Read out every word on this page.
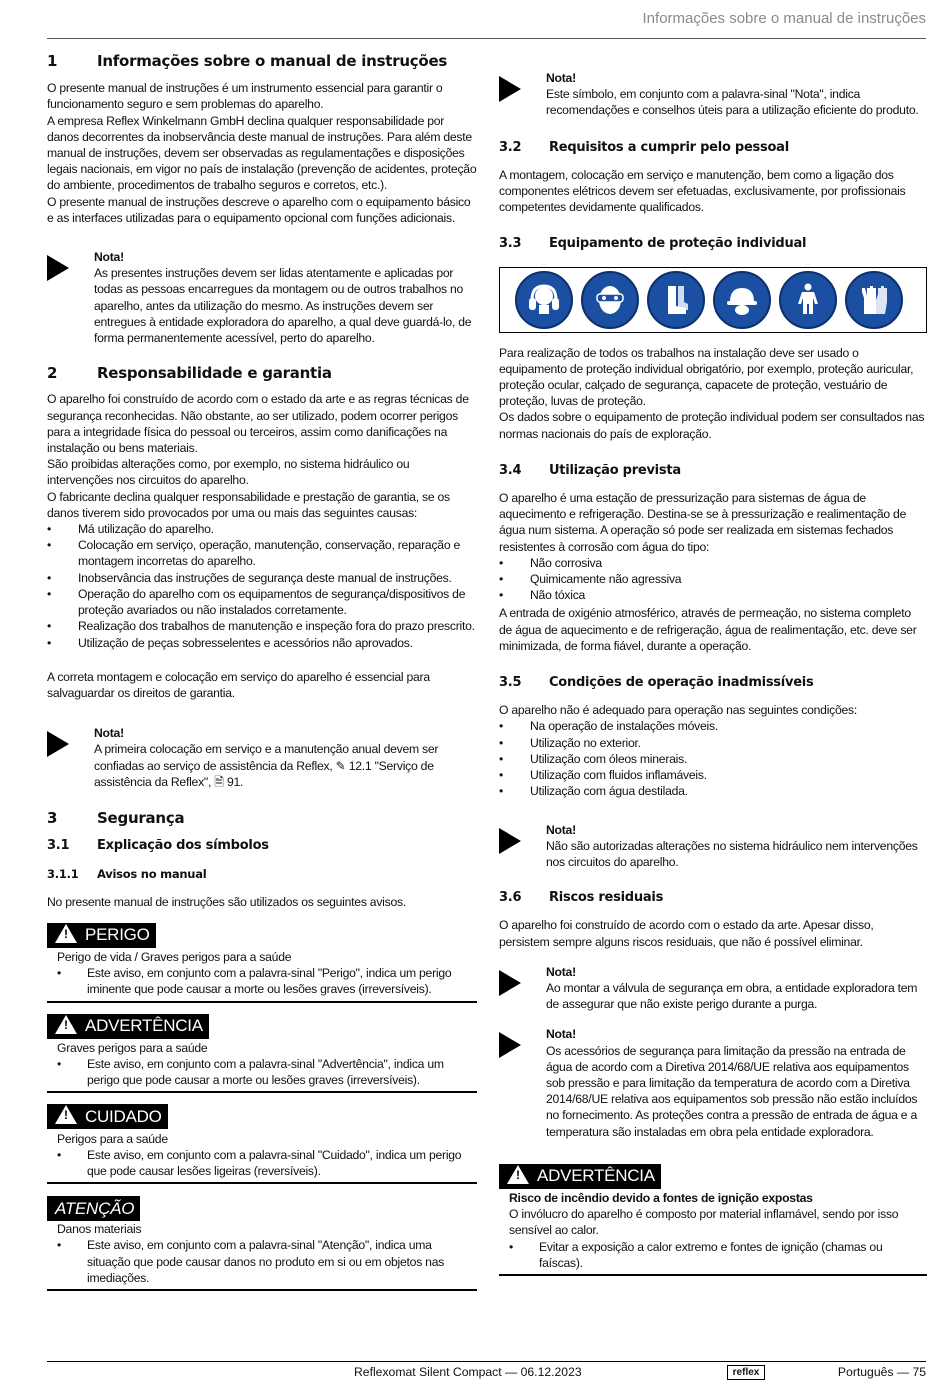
Informações sobre o manual de instruções
1	Informações sobre o manual de instruções

O presente manual de instruções é um instrumento essencial para garantir o funcionamento seguro e sem problemas do aparelho.

A empresa Reflex Winkelmann GmbH declina qualquer responsabilidade por danos decorrentes da inobservância deste manual de instruções. Para além deste manual de instruções, devem ser observadas as regulamentações e disposições legais nacionais, em vigor no país de instalação (prevenção de acidentes, proteção do ambiente, procedimentos de trabalho seguros e corretos, etc.).

O presente manual de instruções descreve o aparelho com o equipamento básico e as interfaces utilizadas para o equipamento opcional com funções adicionais.

Nota!
As presentes instruções devem ser lidas atentamente e aplicadas por todas as pessoas encarregues da montagem ou de outros trabalhos no aparelho, antes da utilização do mesmo. As instruções devem ser entregues à entidade exploradora do aparelho, a qual deve guardá-lo, de forma permanentemente acessível, perto do aparelho.
2	Responsabilidade e garantia

O aparelho foi construído de acordo com o estado da arte e as regras técnicas de segurança reconhecidas. Não obstante, ao ser utilizado, podem ocorrer perigos para a integridade física do pessoal ou terceiros, assim como danificações na instalação ou bens materiais.

São proibidas alterações como, por exemplo, no sistema hidráulico ou intervenções nos circuitos do aparelho.

O fabricante declina qualquer responsabilidade e prestação de garantia, se os danos tiverem sido provocados por uma ou mais das seguintes causas:

• Má utilização do aparelho.
• Colocação em serviço, operação, manutenção, conservação, reparação e montagem incorretas do aparelho.
• Inobservância das instruções de segurança deste manual de instruções.
• Operação do aparelho com os equipamentos de segurança/dispositivos de proteção avariados ou não instalados corretamente.
• Realização dos trabalhos de manutenção e inspeção fora do prazo prescrito.
• Utilização de peças sobresselentes e acessórios não aprovados.

A correta montagem e colocação em serviço do aparelho é essencial para salvaguardar os direitos de garantia.

Nota!
A primeira colocação em serviço e a manutenção anual devem ser confiadas ao serviço de assistência da Reflex, ✎ 12.1 "Serviço de assistência da Reflex", 🗎 91.
3	Segurança
3.1	Explicação dos símbolos
3.1.1	Avisos no manual

No presente manual de instruções são utilizados os seguintes avisos.

! PERIGO
Perigo de vida / Graves perigos para a saúde
• Este aviso, em conjunto com a palavra-sinal "Perigo", indica um perigo iminente que pode causar a morte ou lesões graves (irreversíveis).
! ADVERTÊNCIA
Graves perigos para a saúde
• Este aviso, em conjunto com a palavra-sinal "Advertência", indica um perigo que pode causar a morte ou lesões graves (irreversíveis).
! CUIDADO
Perigos para a saúde
• Este aviso, em conjunto com a palavra-sinal "Cuidado", indica um perigo que pode causar lesões ligeiras (reversíveis).
ATENÇÃO
Danos materiais
• Este aviso, em conjunto com a palavra-sinal "Atenção", indica uma situação que pode causar danos no produto em si ou em objetos nas imediações.
Nota!
Este símbolo, em conjunto com a palavra-sinal "Nota", indica recomendações e conselhos úteis para a utilização eficiente do produto.
3.2	Requisitos a cumprir pelo pessoal

A montagem, colocação em serviço e manutenção, bem como a ligação dos componentes elétricos devem ser efetuadas, exclusivamente, por profissionais competentes devidamente qualificados.

3.3	Equipamento de proteção individual

Para realização de todos os trabalhos na instalação deve ser usado o equipamento de proteção individual obrigatório, por exemplo, proteção auricular, proteção ocular, calçado de segurança, capacete de proteção, vestuário de proteção, luvas de proteção.

Os dados sobre o equipamento de proteção individual podem ser consultados nas normas nacionais do país de exploração.

3.4	Utilização prevista

O aparelho é uma estação de pressurização para sistemas de água de aquecimento e refrigeração. Destina-se se à pressurização e realimentação de água num sistema. A operação só pode ser realizada em sistemas fechados resistentes à corrosão com água do tipo:

• Não corrosiva
• Quimicamente não agressiva
• Não tóxica

A entrada de oxigénio atmosférico, através de permeação, no sistema completo de água de aquecimento e de refrigeração, água de realimentação, etc. deve ser minimizada, de forma fiável, durante a operação.

3.5	Condições de operação inadmissíveis

O aparelho não é adequado para operação nas seguintes condições:

• Na operação de instalações móveis.
• Utilização no exterior.
• Utilização com óleos minerais.
• Utilização com fluidos inflamáveis.
• Utilização com água destilada.
Nota!
Não são autorizadas alterações no sistema hidráulico nem intervenções nos circuitos do aparelho.
3.6	Riscos residuais

O aparelho foi construído de acordo com o estado da arte. Apesar disso, persistem sempre alguns riscos residuais, que não é possível eliminar.

Nota!
Ao montar a válvula de segurança em obra, a entidade exploradora tem de assegurar que não existe perigo durante a purga.
Nota!
Os acessórios de segurança para limitação da pressão na entrada de água de acordo com a Diretiva 2014/68/UE relativa aos equipamentos sob pressão e para limitação da temperatura de acordo com a Diretiva 2014/68/UE relativa aos equipamentos sob pressão não estão incluídos no fornecimento. As proteções contra a pressão de entrada de água e a temperatura são instaladas em obra pela entidade exploradora.
! ADVERTÊNCIA
Risco de incêndio devido a fontes de ignição expostas
O invólucro do aparelho é composto por material inflamável, sendo por isso sensível ao calor.
• Evitar a exposição a calor extremo e fontes de ignição (chamas ou faíscas).
Reflexomat Silent Compact — 06.12.2023	reflex	Português — 75
